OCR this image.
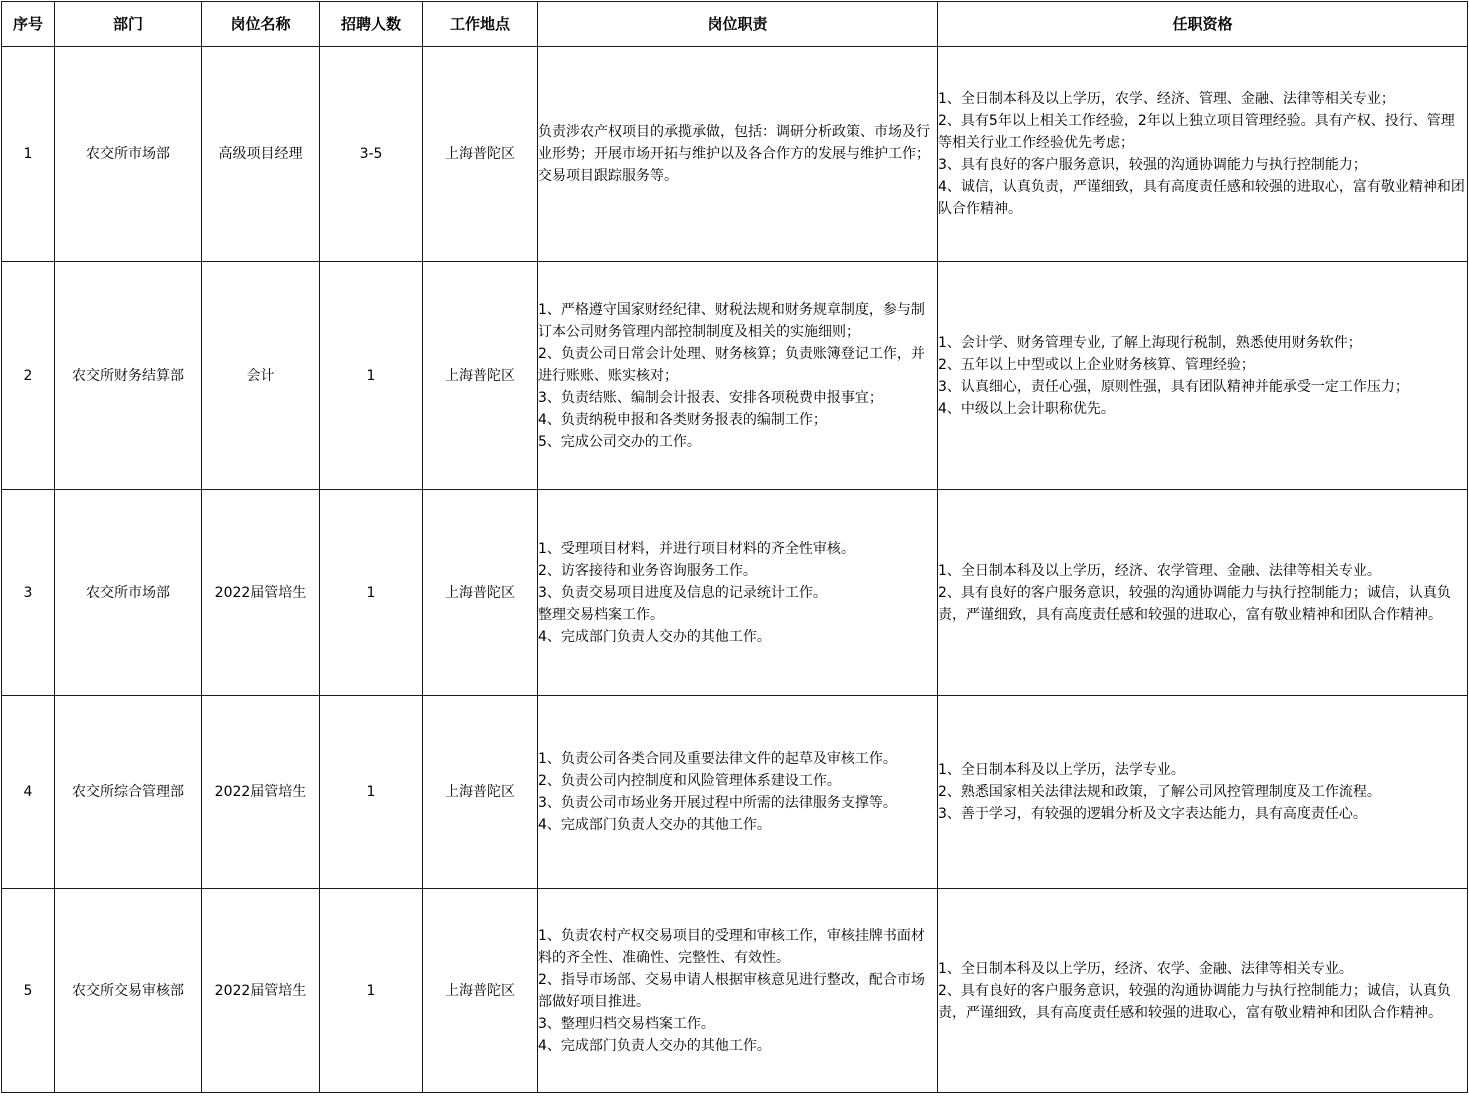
序号	部门	岗位名称	招聘人数	工作地点	岗位职责	任职资格
1	农交所市场部	高级项目经理	3-5	上海普陀区	负责涉农产权项目的承揽承做，包括：调研分析政策、市场及行业形势；开展市场开拓与维护以及各合作方的发展与维护工作；交易项目跟踪服务等。	1、全日制本科及以上学历，农学、经济、管理、金融、法律等相关专业；
2、具有5年以上相关工作经验，2年以上独立项目管理经验。具有产权、投行、管理等相关行业工作经验优先考虑；
3、具有良好的客户服务意识，较强的沟通协调能力与执行控制能力；
4、诚信，认真负责，严谨细致，具有高度责任感和较强的进取心，富有敬业精神和团队合作精神。

2	农交所财务结算部	会计	1	上海普陀区	1、严格遵守国家财经纪律、财税法规和财务规章制度，参与制订本公司财务管理内部控制制度及相关的实施细则；
2、负责公司日常会计处理、财务核算；负责账簿登记工作，并进行账账、账实核对；
3、负责结账、编制会计报表、安排各项税费申报事宜；
4、负责纳税申报和各类财务报表的编制工作；
5、完成公司交办的工作。	1、会计学、财务管理专业, 了解上海现行税制，熟悉使用财务软件；
2、五年以上中型或以上企业财务核算、管理经验；
3、认真细心，责任心强，原则性强，具有团队精神并能承受一定工作压力；
4、中级以上会计职称优先。

3	农交所市场部	2022届管培生	1	上海普陀区	1、受理项目材料，并进行项目材料的齐全性审核。
2、访客接待和业务咨询服务工作。
3、负责交易项目进度及信息的记录统计工作。
整理交易档案工作。
4、完成部门负责人交办的其他工作。	1、全日制本科及以上学历，经济、农学管理、金融、法律等相关专业。
2、具有良好的客户服务意识，较强的沟通协调能力与执行控制能力；诚信，认真负责，严谨细致，具有高度责任感和较强的进取心，富有敬业精神和团队合作精神。

4	农交所综合管理部	2022届管培生	1	上海普陀区	1、负责公司各类合同及重要法律文件的起草及审核工作。
2、负责公司内控制度和风险管理体系建设工作。
3、负责公司市场业务开展过程中所需的法律服务支撑等。
4、完成部门负责人交办的其他工作。	1、全日制本科及以上学历，法学专业。
2、熟悉国家相关法律法规和政策，了解公司风控管理制度及工作流程。
3、善于学习，有较强的逻辑分析及文字表达能力，具有高度责任心。

5	农交所交易审核部	2022届管培生	1	上海普陀区	1、负责农村产权交易项目的受理和审核工作，审核挂牌书面材料的齐全性、准确性、完整性、有效性。
2、指导市场部、交易申请人根据审核意见进行整改，配合市场部做好项目推进。
3、整理归档交易档案工作。
4、完成部门负责人交办的其他工作。	1、全日制本科及以上学历，经济、农学、金融、法律等相关专业。
2、具有良好的客户服务意识，较强的沟通协调能力与执行控制能力；诚信，认真负责，严谨细致，具有高度责任感和较强的进取心，富有敬业精神和团队合作精神。
